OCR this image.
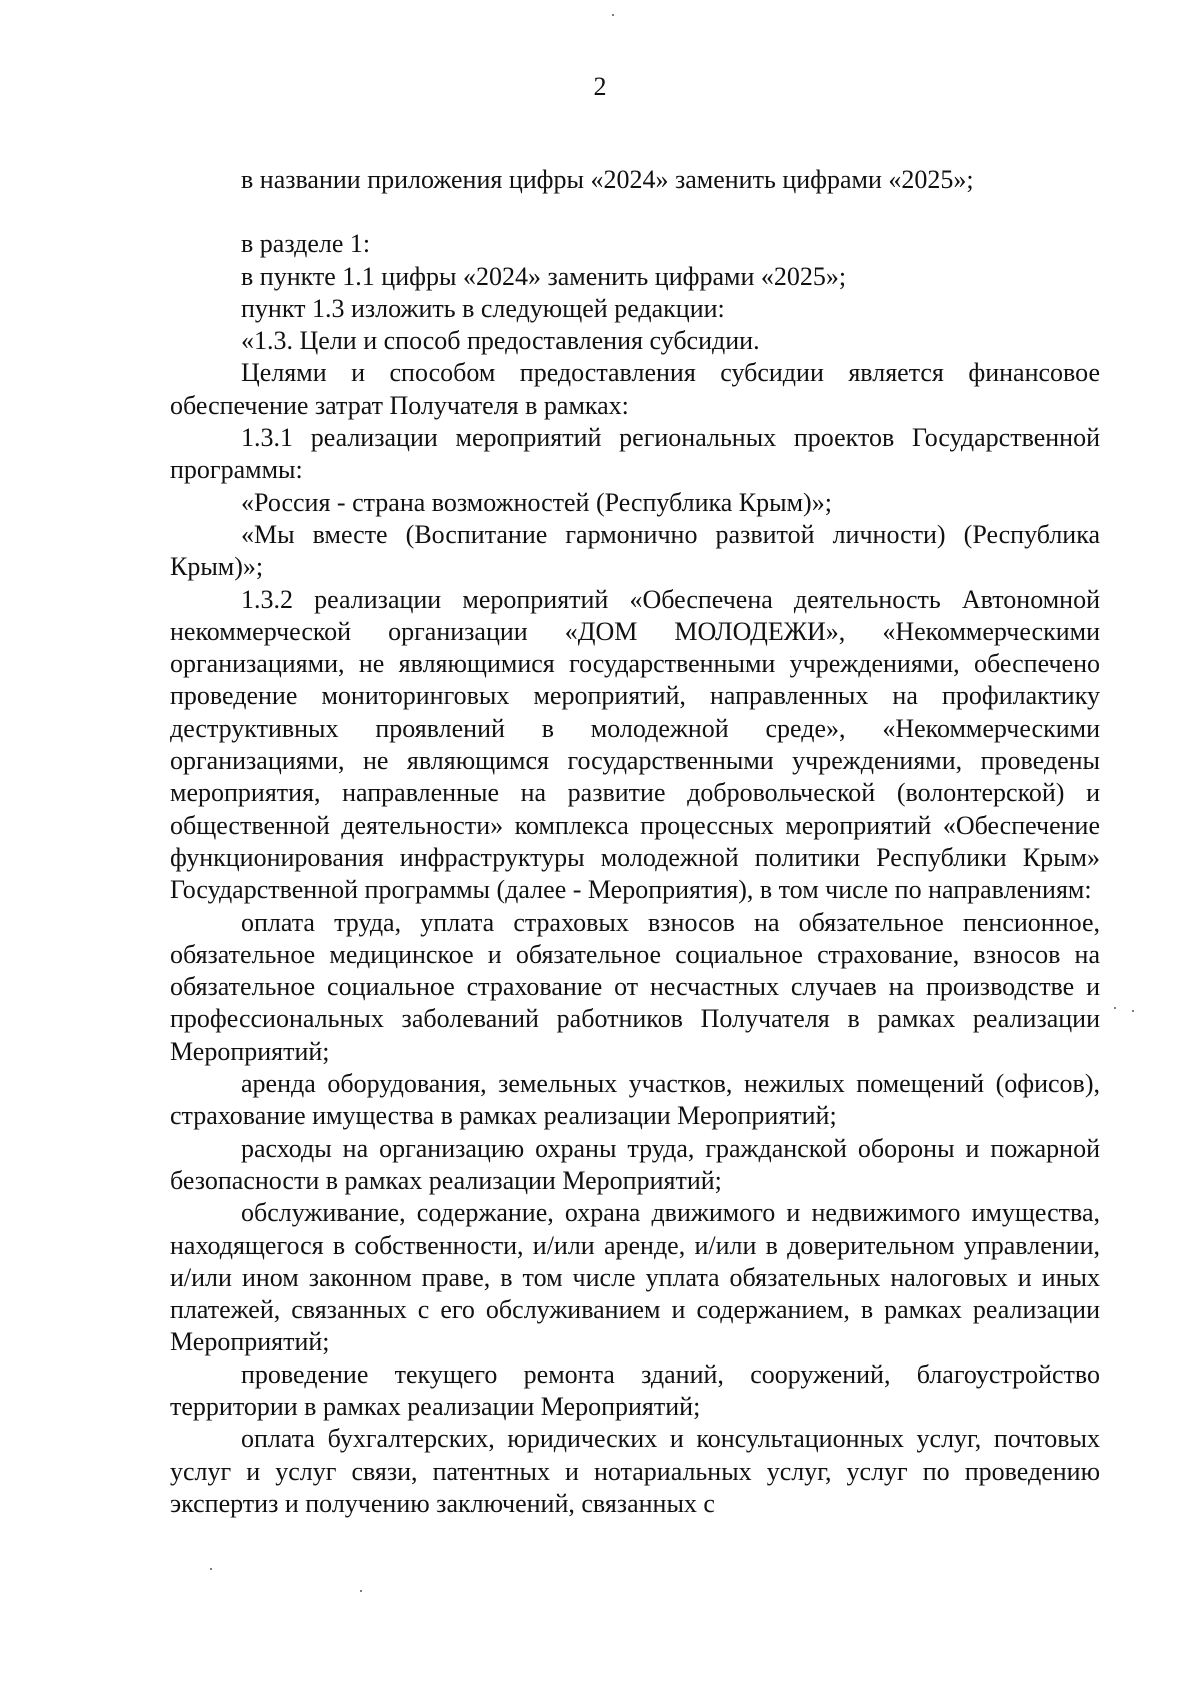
2

в названии приложения цифры «2024» заменить цифрами «2025»;

в разделе 1:

в пункте 1.1 цифры «2024» заменить цифрами «2025»;

пункт 1.3 изложить в следующей редакции:

«1.3. Цели и способ предоставления субсидии.

Целями и способом предоставления субсидии является финансовое обеспечение затрат Получателя в рамках:

1.3.1 реализации мероприятий региональных проектов Государственной программы:

«Россия - страна возможностей (Республика Крым)»;

«Мы вместе (Воспитание гармонично развитой личности) (Республика Крым)»;

1.3.2 реализации мероприятий «Обеспечена деятельность Автономной некоммерческой организации «ДОМ МОЛОДЕЖИ», «Некоммерческими организациями, не являющимися государственными учреждениями, обеспечено проведение мониторинговых мероприятий, направленных на профилактику деструктивных проявлений в молодежной среде», «Некоммерческими организациями, не являющимся государственными учреждениями, проведены мероприятия, направленные на развитие добровольческой (волонтерской) и общественной деятельности» комплекса процессных мероприятий «Обеспечение функционирования инфраструктуры молодежной политики Республики Крым» Государственной программы (далее - Мероприятия), в том числе по направлениям:

оплата труда, уплата страховых взносов на обязательное пенсионное, обязательное медицинское и обязательное социальное страхование, взносов на обязательное социальное страхование от несчастных случаев на производстве и профессиональных заболеваний работников Получателя в рамках реализации Мероприятий;

аренда оборудования, земельных участков, нежилых помещений (офисов), страхование имущества в рамках реализации Мероприятий;

расходы на организацию охраны труда, гражданской обороны и пожарной безопасности в рамках реализации Мероприятий;

обслуживание, содержание, охрана движимого и недвижимого имущества, находящегося в собственности, и/или аренде, и/или в доверительном управлении, и/или ином законном праве, в том числе уплата обязательных налоговых и иных платежей, связанных с его обслуживанием и содержанием, в рамках реализации Мероприятий;

проведение текущего ремонта зданий, сооружений, благоустройство территории в рамках реализации Мероприятий;

оплата бухгалтерских, юридических и консультационных услуг, почтовых услуг и услуг связи, патентных и нотариальных услуг, услуг по проведению экспертиз и получению заключений, связанных с
